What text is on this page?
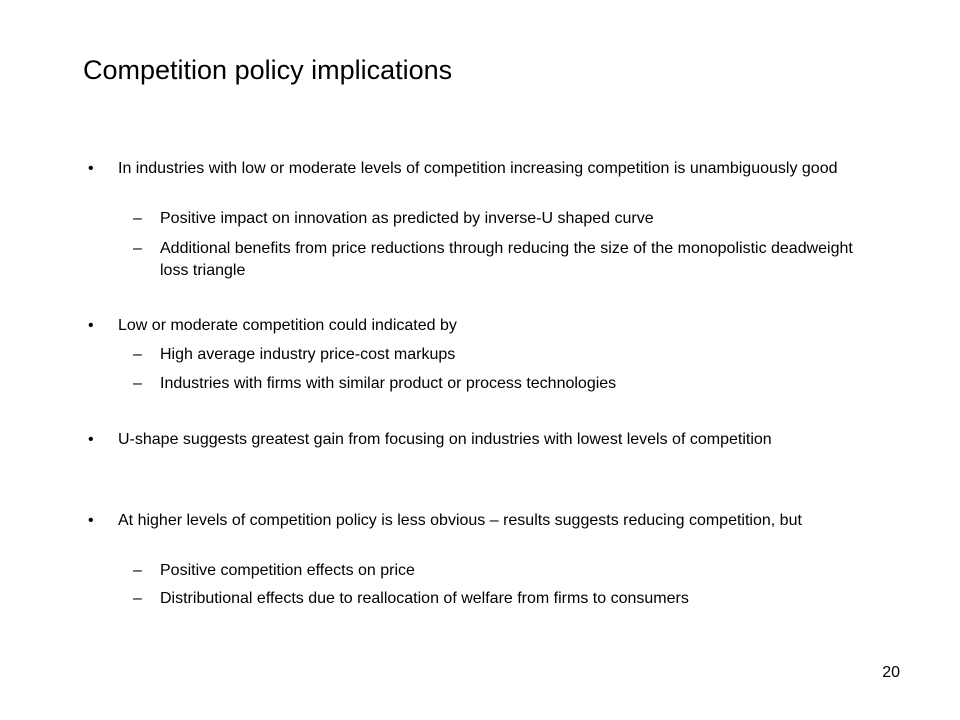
Competition policy implications
• In industries with low or moderate levels of competition increasing competition is unambiguously good
– Positive impact on innovation as predicted by inverse-U shaped curve
– Additional benefits from price reductions through reducing the size of the monopolistic deadweight loss triangle
• Low or moderate competition could indicated by
– High average industry price-cost markups
– Industries with firms with similar product or process technologies
• U-shape suggests greatest gain from focusing on industries with lowest levels of competition
• At higher levels of competition policy is less obvious – results suggests reducing competition, but
– Positive competition effects on price
– Distributional effects due to reallocation of welfare from firms to consumers
20
